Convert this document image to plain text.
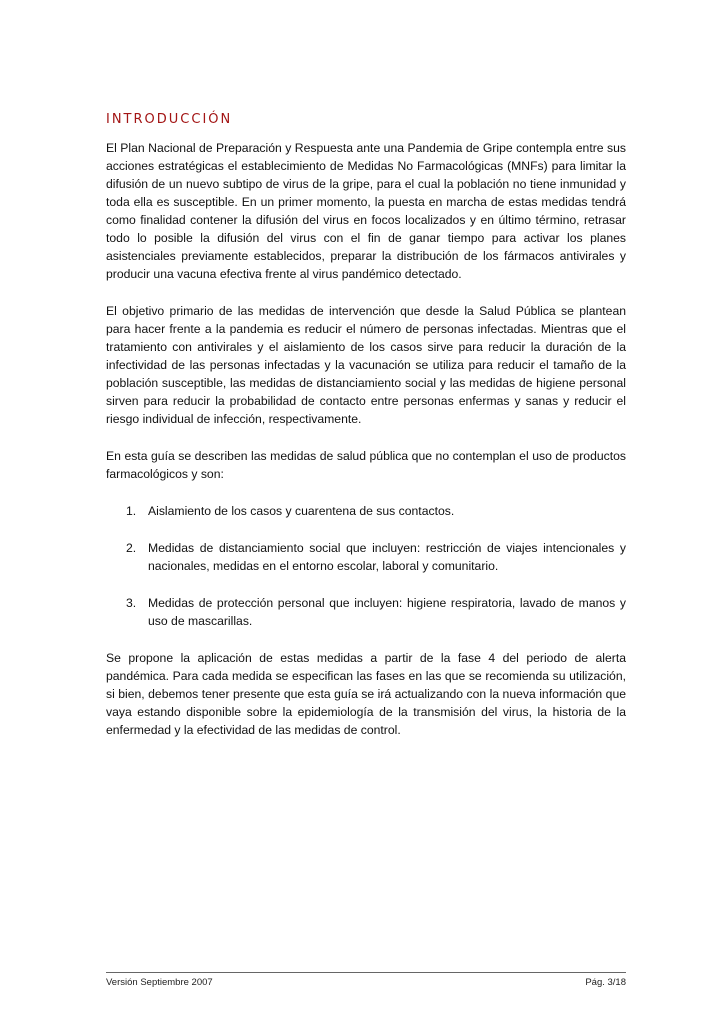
INTRODUCCIÓN

El Plan Nacional de Preparación y Respuesta ante una Pandemia de Gripe contempla entre sus acciones estratégicas el establecimiento de Medidas No Farmacológicas (MNFs) para limitar la difusión de un nuevo subtipo de virus de la gripe, para el cual la población no tiene inmunidad y toda ella es susceptible. En un primer momento, la puesta en marcha de estas medidas tendrá como finalidad contener la difusión del virus en focos localizados y en último término, retrasar todo lo posible la difusión del virus con el fin de ganar tiempo para activar los planes asistenciales previamente establecidos, preparar la distribución de los fármacos antivirales y producir una vacuna efectiva frente al virus pandémico detectado.

El objetivo primario de las medidas de intervención que desde la Salud Pública se plantean para hacer frente a la pandemia es reducir el número de personas infectadas. Mientras que el tratamiento con antivirales y el aislamiento de los casos sirve para reducir la duración de la infectividad de las personas infectadas y la vacunación se utiliza para reducir el tamaño de la población susceptible, las medidas de distanciamiento social y las medidas de higiene personal sirven para reducir la probabilidad de contacto entre personas enfermas y sanas y reducir el riesgo individual de infección, respectivamente.

En esta guía se describen las medidas de salud pública que no contemplan el uso de productos farmacológicos y son:

1. Aislamiento de los casos y cuarentena de sus contactos.
2. Medidas de distanciamiento social que incluyen: restricción de viajes intencionales y nacionales, medidas en el entorno escolar, laboral y comunitario.
3. Medidas de protección personal que incluyen: higiene respiratoria, lavado de manos y uso de mascarillas.

Se propone la aplicación de estas medidas a partir de la fase 4 del periodo de alerta pandémica. Para cada medida se especifican las fases en las que se recomienda su utilización, si bien, debemos tener presente que esta guía se irá actualizando con la nueva información que vaya estando disponible sobre la epidemiología de la transmisión del virus, la historia de la enfermedad y la efectividad de las medidas de control.

Versión Septiembre 2007	Pág. 3/18
